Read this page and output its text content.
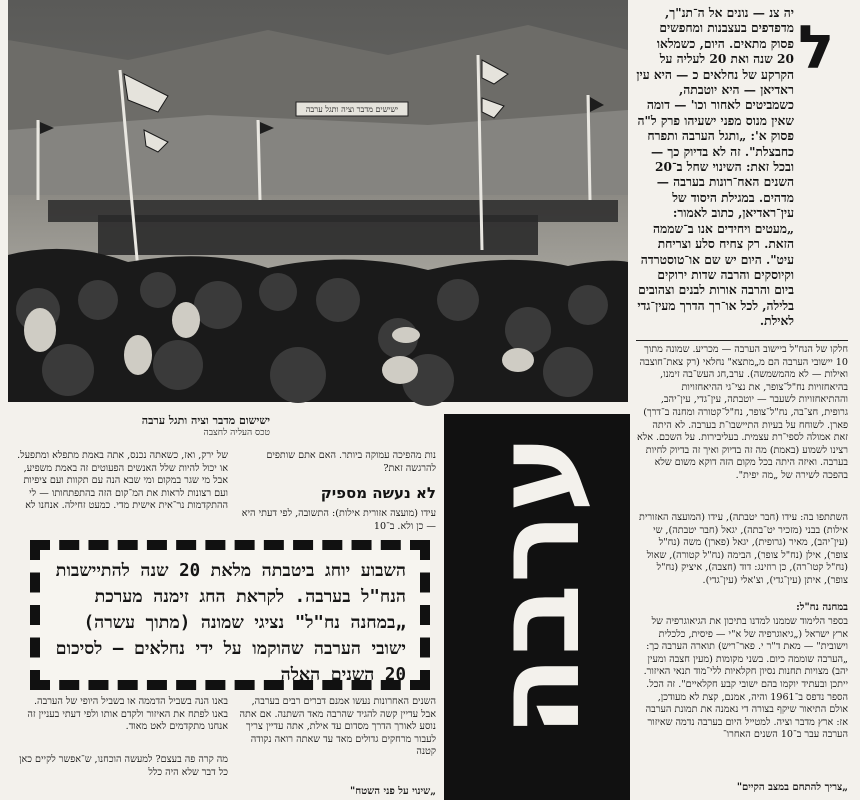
ישישים מדבר וציה ותגל ערבה
ישישום מדבר וציה ותגל ערבה
טכס העליה לחצבה
ל
יה צנ — נונים אל ה־תנ"ך, מדפדפים בעצבנות ומחפשים פסוק מתאים. היום, כשמלאו 20 שנה ואת 20 לעליה על הקרקע של נחלאים כ — היא עין ראדיאן — היא יוטבתה, כשמביטים לאחור וכו' — דומה שאין מנוס מפני ישעיהו פרק ל"ה פסוק א': „ותגל הערבה ותפרח כחבצלת". זה לא בדיוק כך — ובכל זאת: השינוי שחל ב־20 השנים האח־רונות בערבה — מדהים. במגילת היסוד של עין־ראדיאן, כתוב לאמור: „מעטים ויחידים אנו ב־שממה הזאת. רק צחיח סלע וצריחת עיט". היום יש שם או־טוסטרדה וקיוסקים והרבה שדות ירוקים ביום והרבה אורות לבנים וצהובים בלילה, לכל או־רך הדרך מעין־גדי לאילת.
חלקו של הנח"ל ביישוב הערבה — מכריע. שמונה מתוך 10 יישובי הערבה הם מ„מתצא" נחלאי (רק צאת־חוצבה ואילות — לא מהמשמשה). ערב,חג העש־בה זימנו, בהיאחזויות נח"ל־צופר, את נצי־גי ההיאחזויות וההתיאחזויות לשעבר — יוטבתה, עין־גדי, עין־יהב, גרופית, חצ־בה, נח"ל־צופר, נח"ל־קטורה ומחנה ב־דרך) פארן. לשוחח על בעיות התיישבו־ת בערבה. לא היתה זאת אמולה לספי־רת עצמית. בעליבירות. על השכם. אלא רצינו לשמוע (באמת) מה זה בדיוק ואיך זה בדיוק לחיות בערבה. ואיזה היתה בכל מקום הזה דוקא משום שלא בהפכה לשירה של „מה יפית".
השתתפו בה: עידו (חבר יטבתה), עידו (המועצה האזורית אילות) בבני (מזכיר יט־בתה), יגאל (חבר יטבתה), שי (עין־יהב), מאיר (גרופית), יגאל (פארן) משה (נח"ל צופר), אילן (נח"ל צופר), הבימה (נח"ל קטורה), שאול (נח"ל קטו־רה), כן רוזינג: דוד (חצבה), איציק (נח"ל צופר), איתן (עין־גדי), וצ'אלי (עין־גדי).
במחנה נח"ל:
בספר הלימוד שממנו למדנו בתיכון את הגיאוגרפיה של ארץ ישראל („גיאוגרפיה של א"י — פיסית, כלכלית וישובית" — מאת ד"ר י. פאר־ריש) תוארה הערבה כך: „הערבה שוממה כיום. בשני מקומות (מעין חצבה ומעין יהב) מצויות תחנות נסיון חקלאיות ללי־מוד תנאי האיזור. ייתכן ובעתיד יוקמו בהם ישובי קבע חקלאיים". זה הכל. הספר נדפס ב־1961 והיה, אמנם, קצת לא מעודכן, אולם התיאור שיקף בצורה די נאמנה את תמונת הערבה אז: ארץ מדבר וציה. למטייל היום בערבה נדמה שאיזור הערבה עבר ב־10 השנים האחרו־
„צריך להתחם במצב הקיים"
נות מהפיכה עמוקה ביותר. האם אתם שותפים להרגשה זאת?
לא נעשה מספיק
עידו (מועצה אזורית אילות): התשובה, לפי דעתי היא — כן ולא. ב־10
של ירק, ואז, כשאתה נכנס, אתה באמת מתפלא ומתפעל. או יכול להיות שלל האנשים הפעוטים זה באמת משפיע, אבל מי שגר במקום ומי שבא הנה עם תקוות ועם ציפיות ועם רצונות לראות את המ־קום הזה בהתפתחותו — לי ההתקדמות נר־אית אישית מדי. כמעט זחילה. אנחנו לא
השבוע יוחג ביטבתה מלאת 20 שנה להתיישבות הנח"ל בערבה. לקראת החג זימנה מערכת „במחנה נח"ל" נציגי שמונה (מתוך עשרה) ישובי הערבה שהוקמו על ידי נחלאים — לסיכום 20 השנים האלה
השנים האחרונות נעשו אמנם דברים רבים בערבה, אבל עדיין קשה להגיד שהרבה מאד השתנה. אם אתה נוסע לאורך הדרך מסדום עד אילת, אתה עדיין צריך לעבור מרחקים גדולים מאד עד שאתה רואה נקודה קטנה
„שינוי על פני השטח"
באנו הנה בשביל הדממה או בשביל היופי של הערבה. באנו לפתח את האיזור ולקדם אותו ולפי דעתי בעניין זה אנחנו מתקדמים לאט מאוד.
מה קרה פה בעצם? למעשה הוכחנו, ש־אפשר לקיים כאן כל דבר שלא היה כלל
ערבה
